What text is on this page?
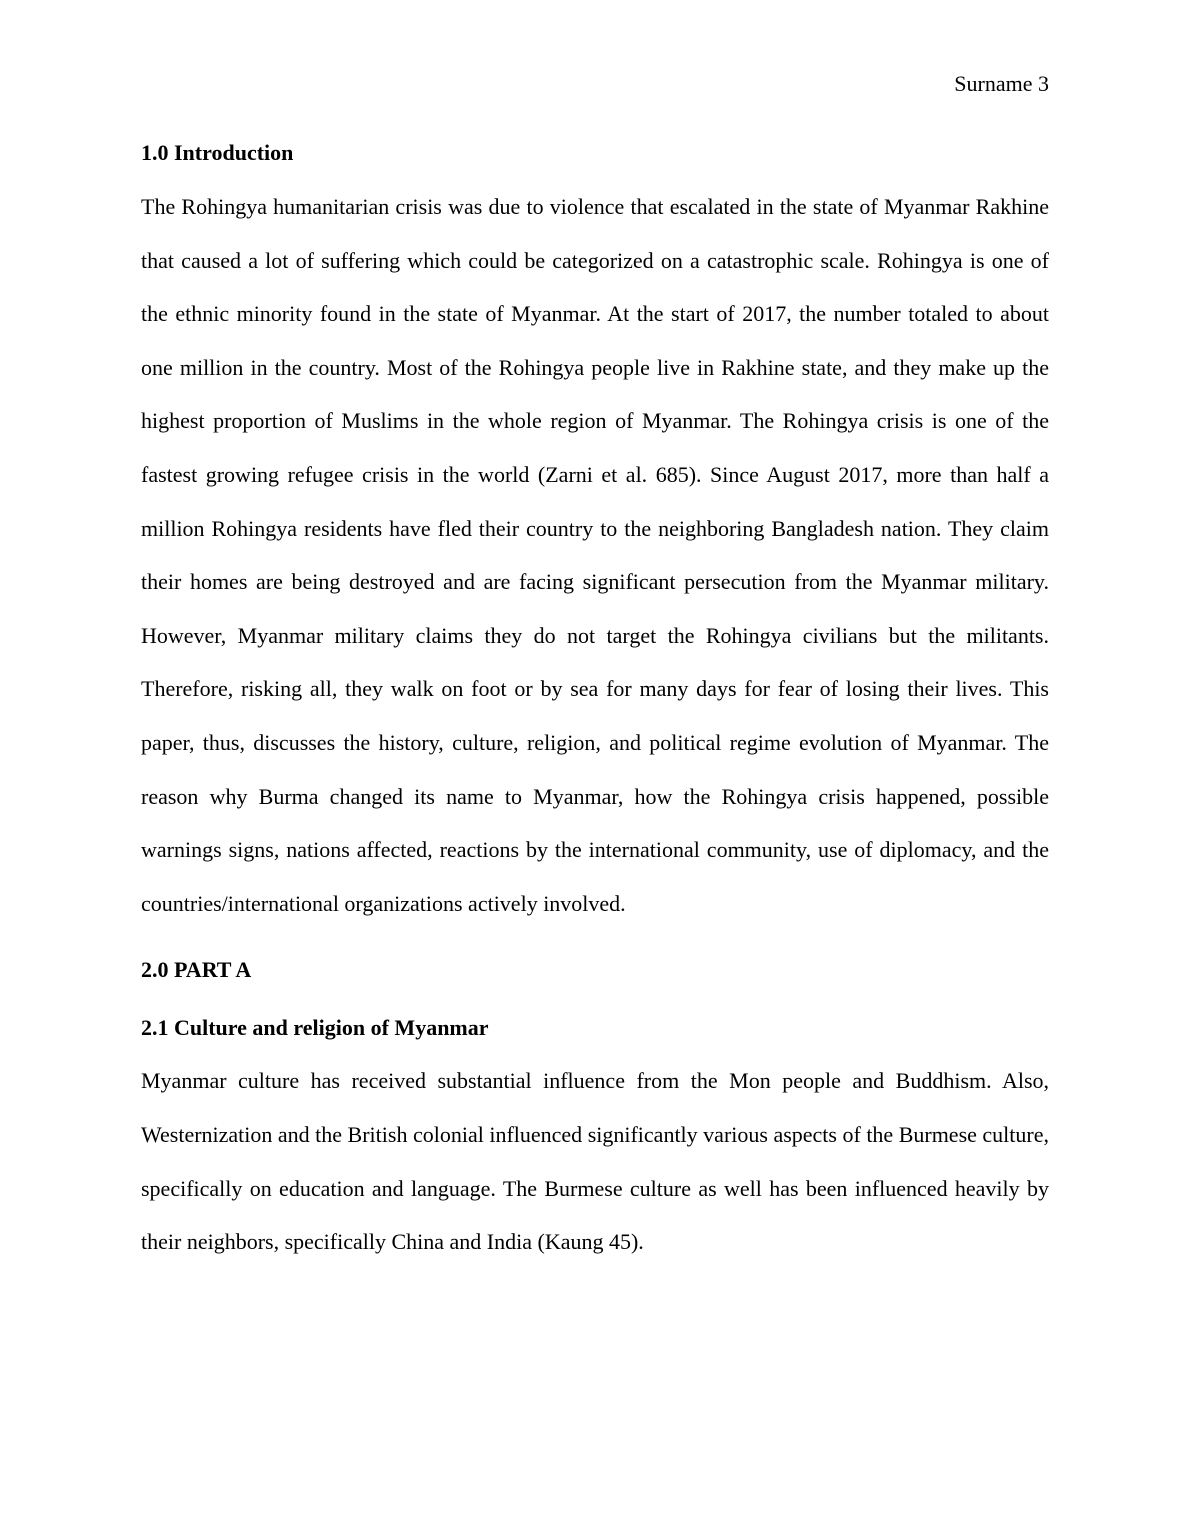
Surname 3
1.0 Introduction

The Rohingya humanitarian crisis was due to violence that escalated in the state of Myanmar Rakhine that caused a lot of suffering which could be categorized on a catastrophic scale. Rohingya is one of the ethnic minority found in the state of Myanmar. At the start of 2017, the number totaled to about one million in the country. Most of the Rohingya people live in Rakhine state, and they make up the highest proportion of Muslims in the whole region of Myanmar. The Rohingya crisis is one of the fastest growing refugee crisis in the world (Zarni et al. 685). Since August 2017, more than half a million Rohingya residents have fled their country to the neighboring Bangladesh nation. They claim their homes are being destroyed and are facing significant persecution from the Myanmar military. However, Myanmar military claims they do not target the Rohingya civilians but the militants. Therefore, risking all, they walk on foot or by sea for many days for fear of losing their lives. This paper, thus, discusses the history, culture, religion, and political regime evolution of Myanmar. The reason why Burma changed its name to Myanmar, how the Rohingya crisis happened, possible warnings signs, nations affected, reactions by the international community, use of diplomacy, and the countries/international organizations actively involved.

2.0 PART A
2.1 Culture and religion of Myanmar

Myanmar culture has received substantial influence from the Mon people and Buddhism. Also, Westernization and the British colonial influenced significantly various aspects of the Burmese culture, specifically on education and language. The Burmese culture as well has been influenced heavily by their neighbors, specifically China and India (Kaung 45).
